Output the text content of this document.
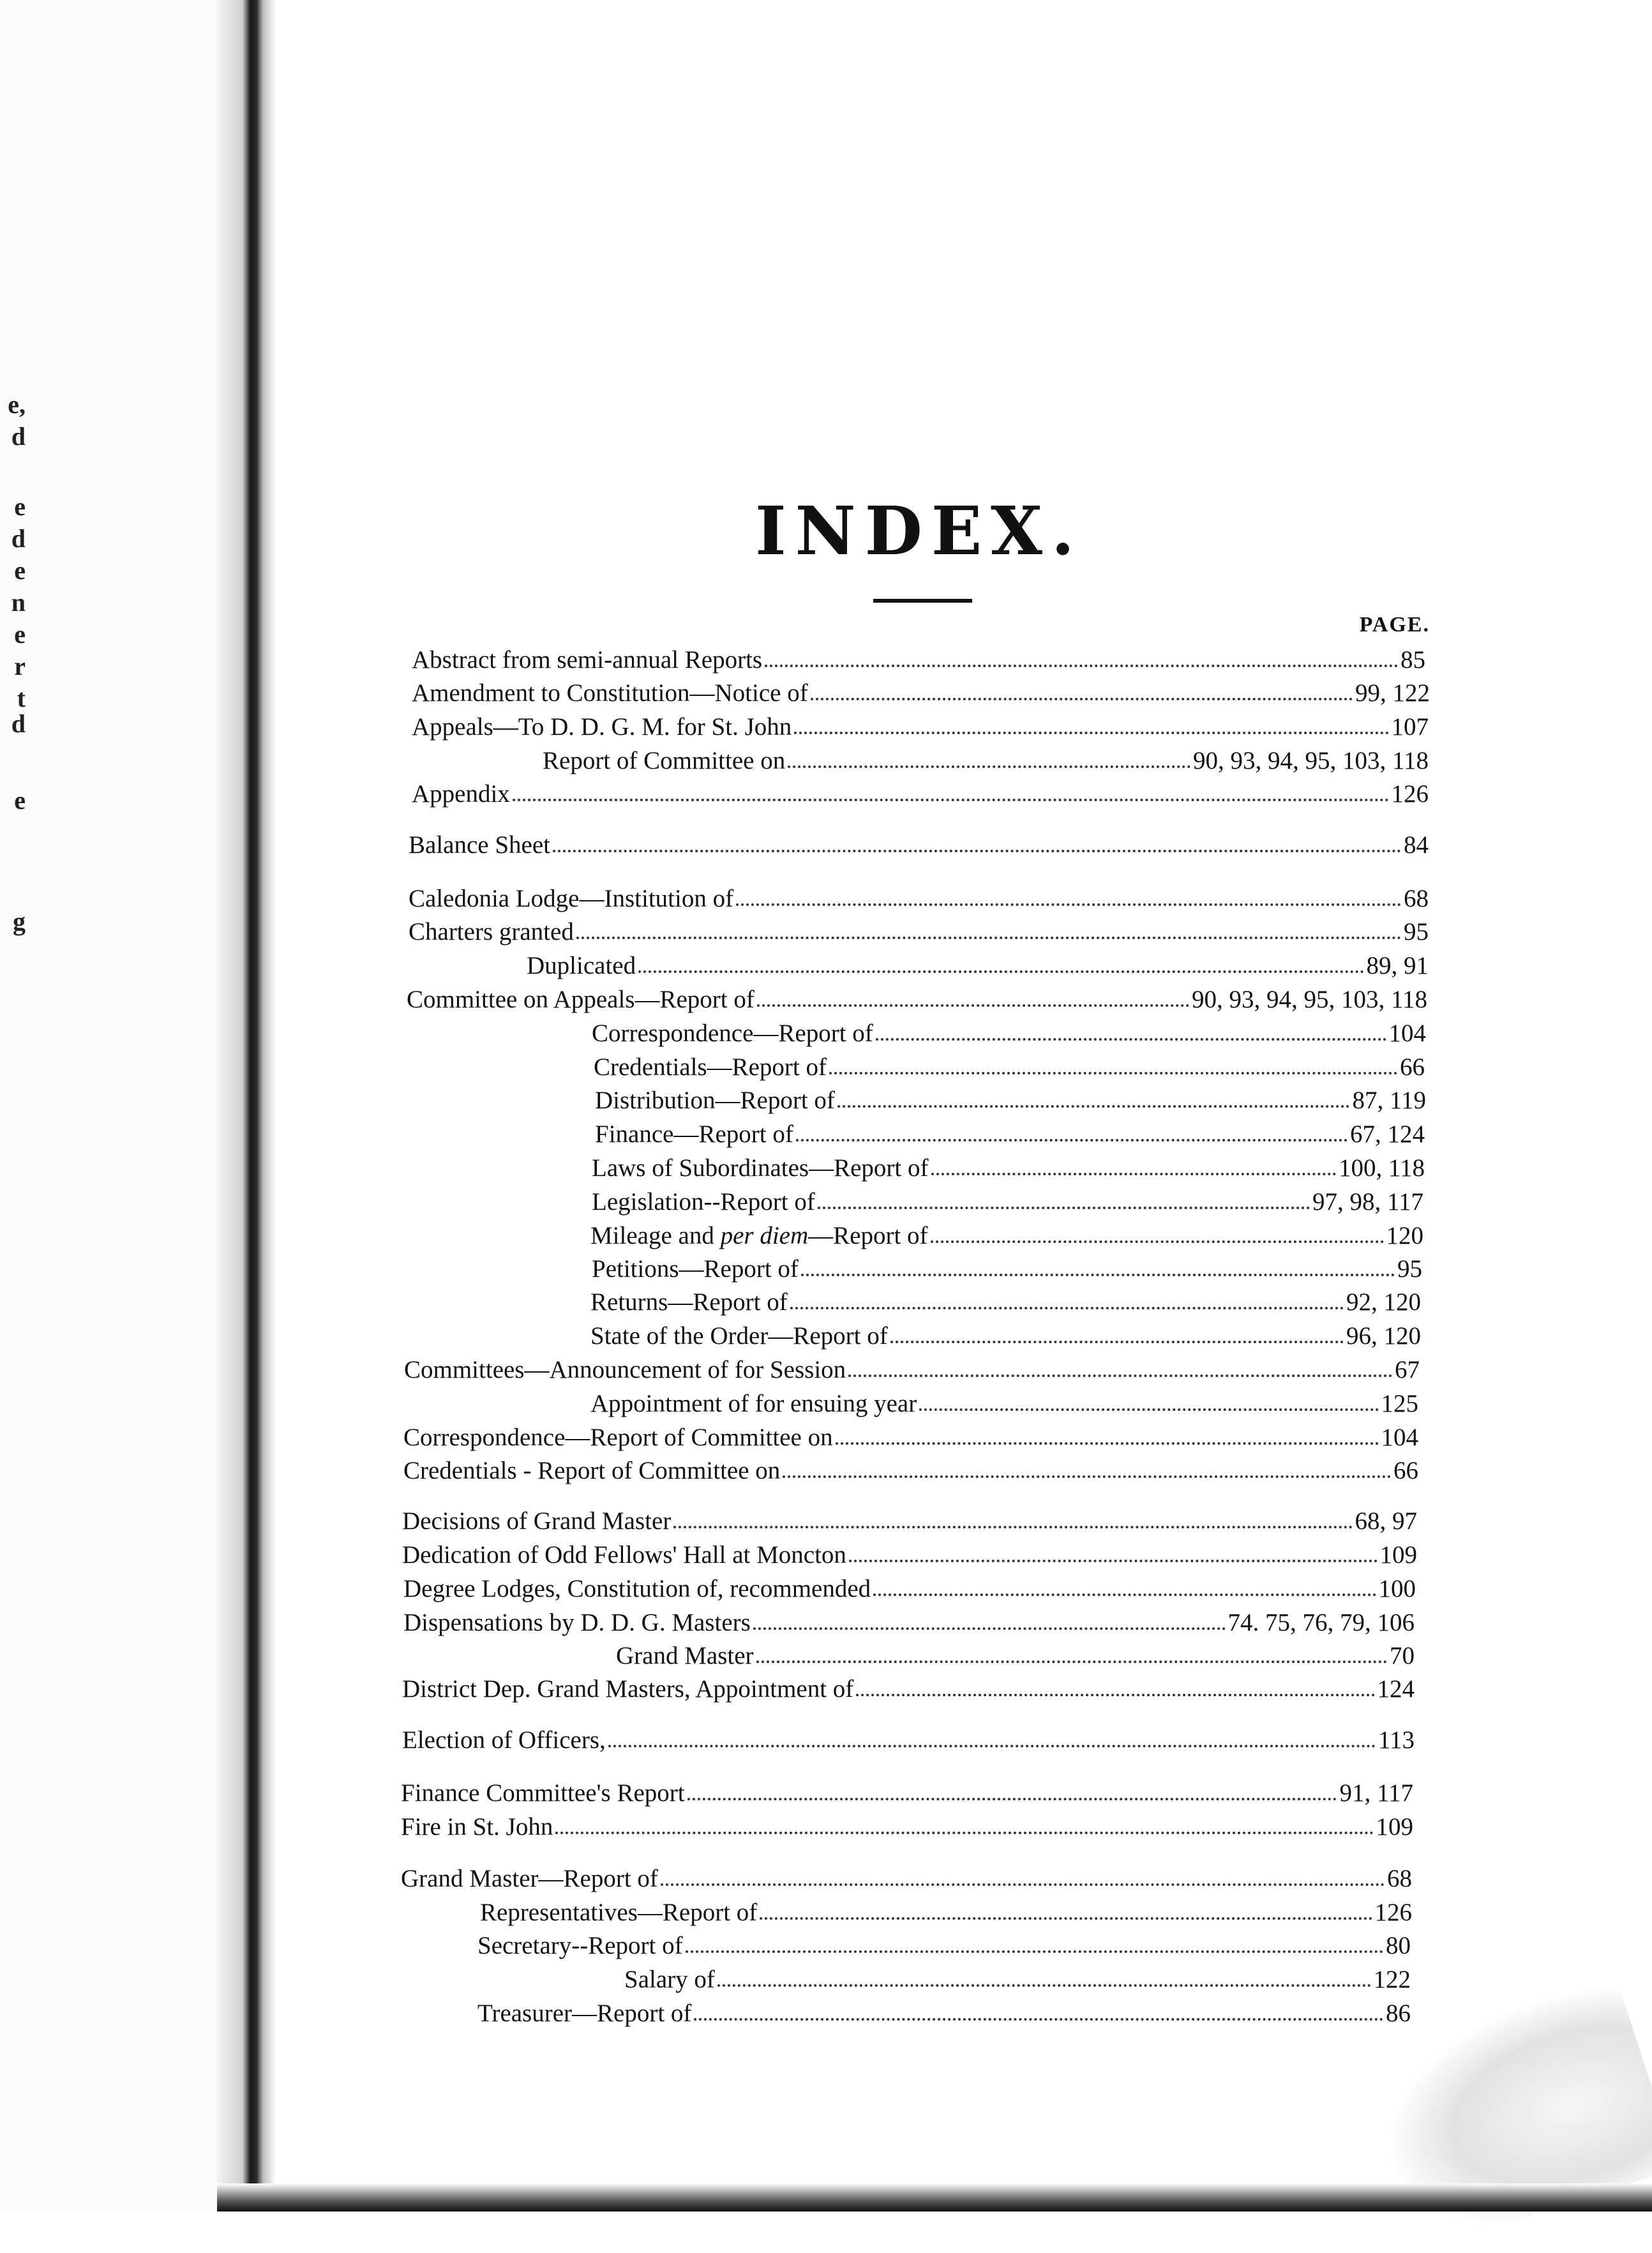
e,
d
e
d
e
n
e
r
t
d
e
g
INDEX.
PAGE.
Abstract from semi-annual Reports	85
Amendment to Constitution—Notice of	99, 122
Appeals—To D. D. G. M. for St. John	107
Report of Committee on	90, 93, 94, 95, 103, 118
Appendix	126
Balance Sheet	84
Caledonia Lodge—Institution of	68
Charters granted	95
Duplicated	89, 91
Committee on Appeals—Report of	90, 93, 94, 95, 103, 118
Correspondence—Report of	104
Credentials—Report of	66
Distribution—Report of	87, 119
Finance—Report of	67, 124
Laws of Subordinates—Report of	100, 118
Legislation--Report of	97, 98, 117
Mileage and per diem—Report of	120
Petitions—Report of	95
Returns—Report of	92, 120
State of the Order—Report of	96, 120
Committees—Announcement of for Session	67
Appointment of for ensuing year	125
Correspondence—Report of Committee on	104
Credentials - Report of Committee on	66
Decisions of Grand Master	68, 97
Dedication of Odd Fellows' Hall at Moncton	109
Degree Lodges, Constitution of, recommended	100
Dispensations by D. D. G. Masters	74. 75, 76, 79, 106
Grand Master	70
District Dep. Grand Masters, Appointment of	124
Election of Officers,	113
Finance Committee's Report	91, 117
Fire in St. John	109
Grand Master—Report of	68
Representatives—Report of	126
Secretary--Report of	80
Salary of	122
Treasurer—Report of	86
